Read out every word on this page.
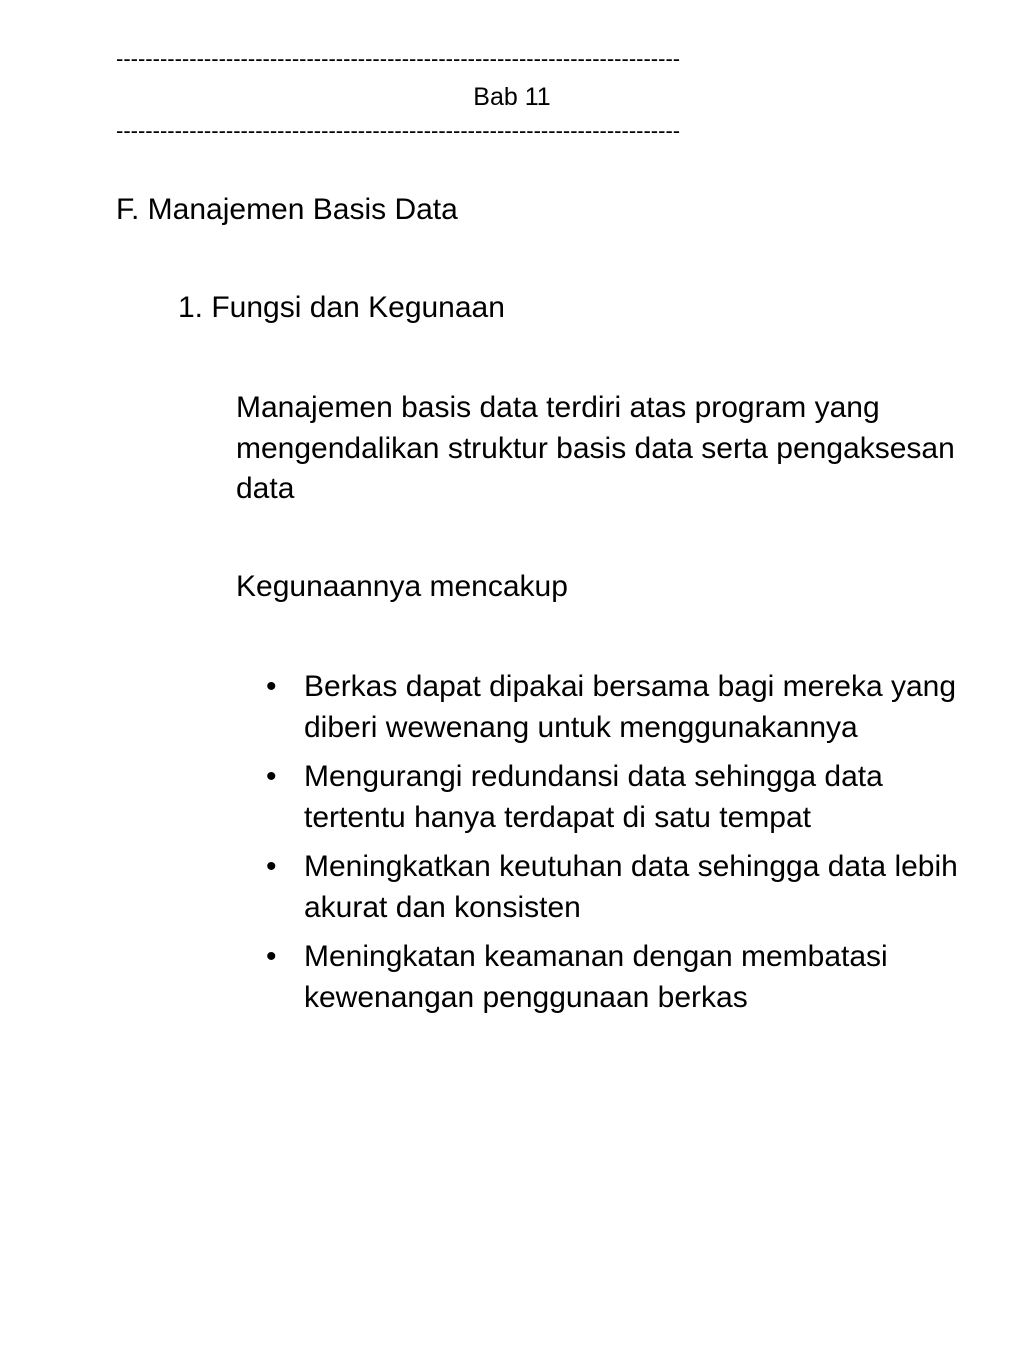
-----------------------------------------------------------------------------
Bab 11
-----------------------------------------------------------------------------
F. Manajemen Basis Data
1. Fungsi dan Kegunaan
Manajemen basis data terdiri atas program yang mengendalikan struktur basis data serta pengaksesan data
Kegunaannya mencakup
• Berkas dapat dipakai bersama bagi mereka yang diberi wewenang untuk menggunakannya
• Mengurangi redundansi data sehingga data tertentu hanya terdapat di satu tempat
• Meningkatkan keutuhan data sehingga data lebih akurat dan konsisten
• Meningkatan keamanan dengan membatasi kewenangan penggunaan berkas
